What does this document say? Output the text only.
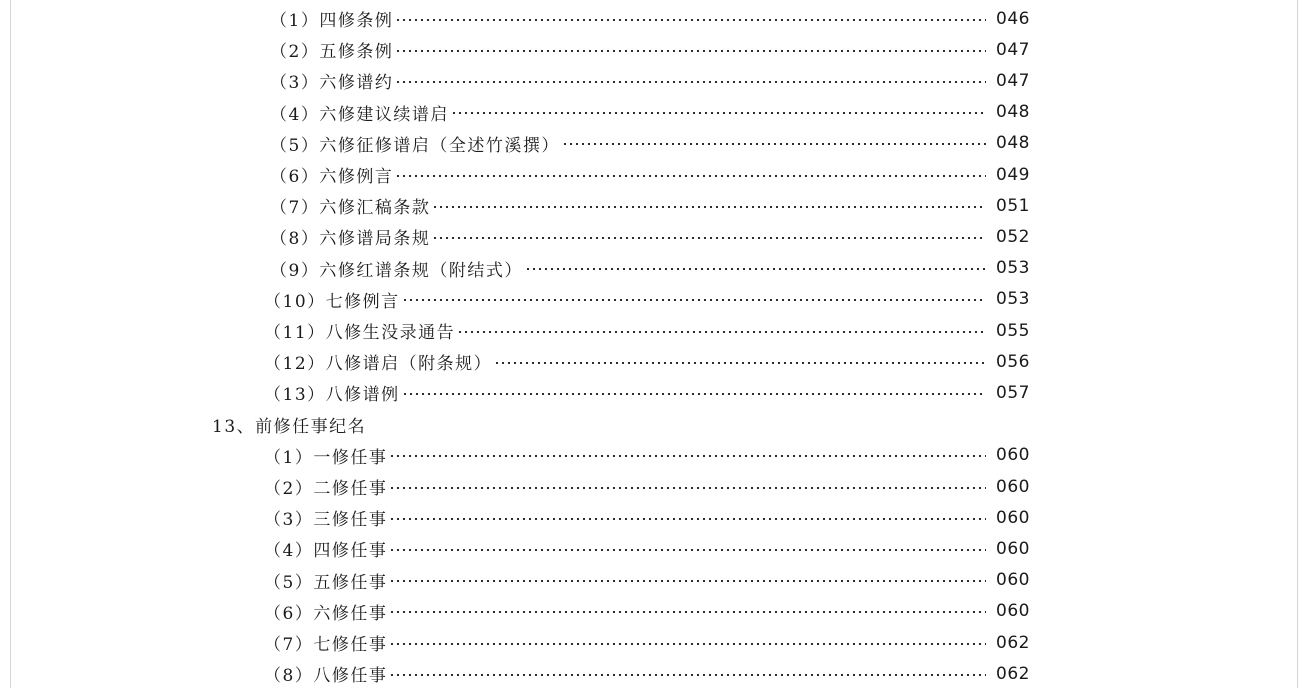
（1）四修条例	046
（2）五修条例	047
（3）六修谱约	047
（4）六修建议续谱启	048
（5）六修征修谱启（全述竹溪撰）	048
（6）六修例言	049
（7）六修汇稿条款	051
（8）六修谱局条规	052
（9）六修红谱条规（附结式）	053
（10）七修例言	053
（11）八修生没录通告	055
（12）八修谱启（附条规）	056
（13）八修谱例	057
13、前修任事纪名
（1）一修任事	060
（2）二修任事	060
（3）三修任事	060
（4）四修任事	060
（5）五修任事	060
（6）六修任事	060
（7）七修任事	062
（8）八修任事	062
